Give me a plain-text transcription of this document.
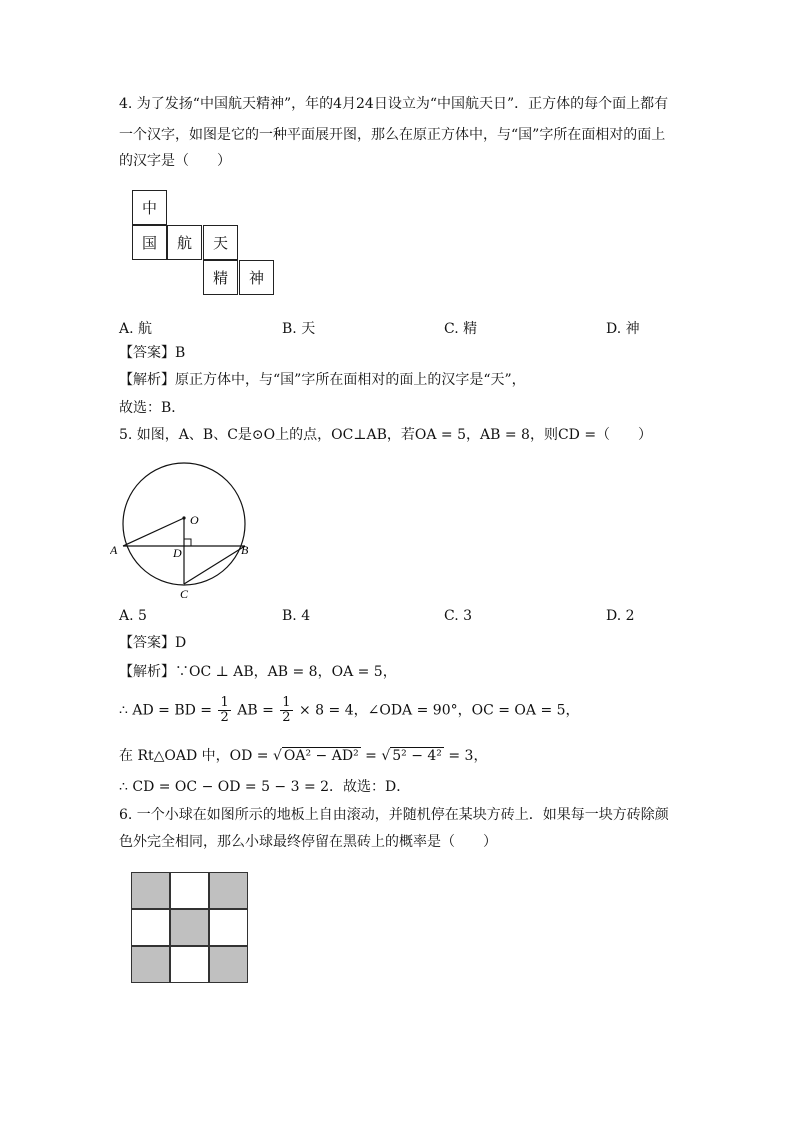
4. 为了发扬“中国航天精神”，年的4月24日设立为“中国航天日”．正方体的每个面上都有
一个汉字，如图是它的一种平面展开图，那么在原正方体中，与“国”字所在面相对的面上
的汉字是（　　）
中
国	航	天
精	神
A. 航	B. 天	C. 精	D. 神
【答案】B
【解析】原正方体中，与“国”字所在面相对的面上的汉字是“天”，
故选：B．
5. 如图，A、B、C是⊙O上的点，OC⊥AB，若OA = 5，AB = 8，则CD =（　　）
O
A	B
D
C
A. 5	B. 4	C. 3	D. 2
【答案】D
【解析】∵OC ⊥ AB，AB = 8，OA = 5，
∴ AD = BD = $\frac{1}{2}$ AB = $\frac{1}{2} \times 8 = 4$，∠ODA = 90°，OC = OA = 5，
在 Rt△OAD 中，OD = √ OA² − AD² = √ 5² − 4² = 3，
∴ CD = OC − OD = 5 − 3 = 2．故选：D．
6. 一个小球在如图所示的地板上自由滚动，并随机停在某块方砖上．如果每一块方砖除颜
色外完全相同，那么小球最终停留在黑砖上的概率是（　　）
